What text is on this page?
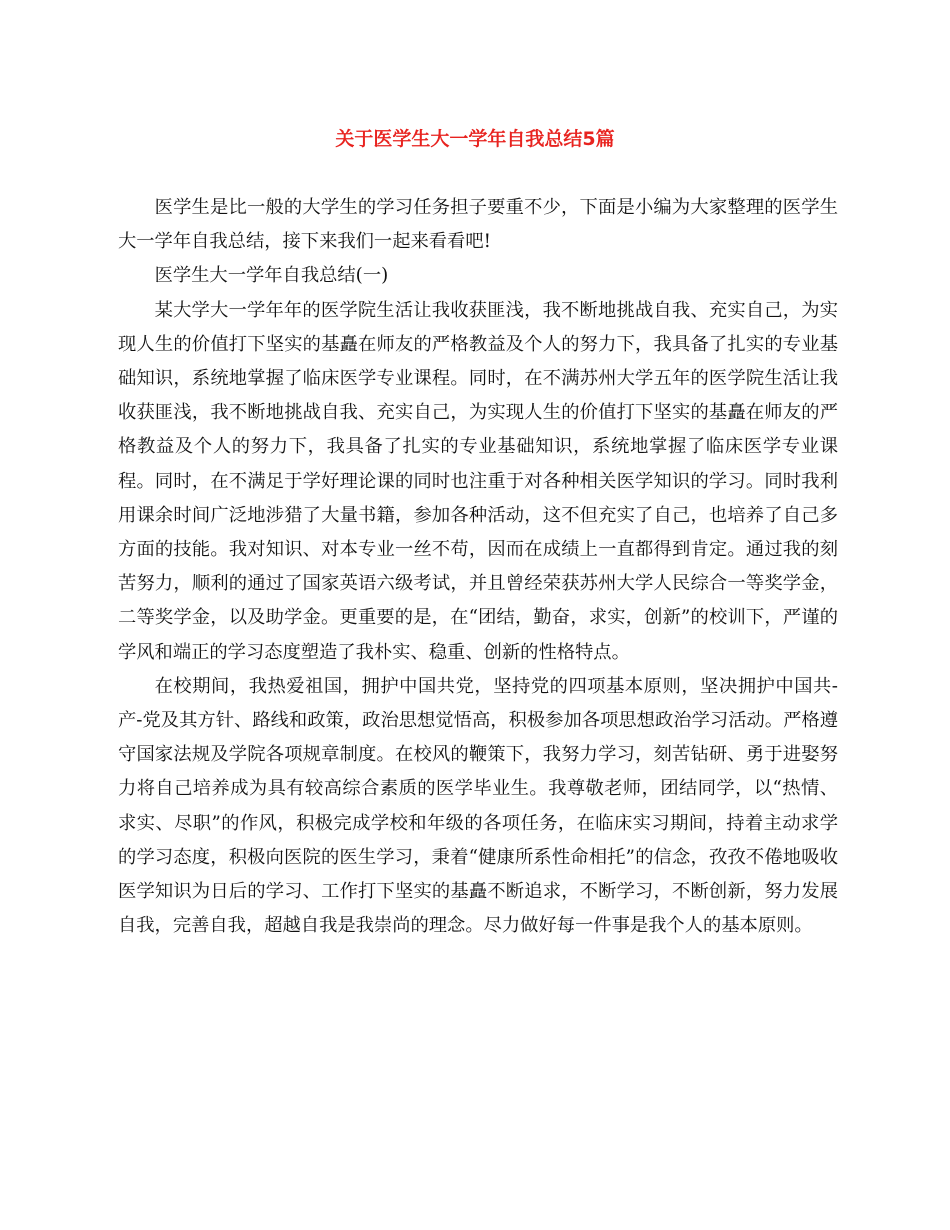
关于医学生大一学年自我总结5篇

医学生是比一般的大学生的学习任务担子要重不少，下面是小编为大家整理的医学生大一学年自我总结，接下来我们一起来看看吧!

医学生大一学年自我总结(一)

某大学大一学年年的医学院生活让我收获匪浅，我不断地挑战自我、充实自己，为实现人生的价值打下坚实的基矗在师友的严格教益及个人的努力下，我具备了扎实的专业基础知识，系统地掌握了临床医学专业课程。同时，在不满苏州大学五年的医学院生活让我收获匪浅，我不断地挑战自我、充实自己，为实现人生的价值打下坚实的基矗在师友的严格教益及个人的努力下，我具备了扎实的专业基础知识，系统地掌握了临床医学专业课程。同时，在不满足于学好理论课的同时也注重于对各种相关医学知识的学习。同时我利用课余时间广泛地涉猎了大量书籍，参加各种活动，这不但充实了自己，也培养了自己多方面的技能。我对知识、对本专业一丝不苟，因而在成绩上一直都得到肯定。通过我的刻苦努力，顺利的通过了国家英语六级考试，并且曾经荣获苏州大学人民综合一等奖学金，二等奖学金，以及助学金。更重要的是，在“团结，勤奋，求实，创新”的校训下，严谨的学风和端正的学习态度塑造了我朴实、稳重、创新的性格特点。

在校期间，我热爱祖国，拥护中国共党，坚持党的四项基本原则，坚决拥护中国共-产-党及其方针、路线和政策，政治思想觉悟高，积极参加各项思想政治学习活动。严格遵守国家法规及学院各项规章制度。在校风的鞭策下，我努力学习，刻苦钻研、勇于进娶努力将自己培养成为具有较高综合素质的医学毕业生。我尊敬老师，团结同学，以“热情、求实、尽职”的作风，积极完成学校和年级的各项任务，在临床实习期间，持着主动求学的学习态度，积极向医院的医生学习，秉着“健康所系性命相托”的信念，孜孜不倦地吸收医学知识为日后的学习、工作打下坚实的基矗不断追求，不断学习，不断创新，努力发展自我，完善自我，超越自我是我崇尚的理念。尽力做好每一件事是我个人的基本原则。
